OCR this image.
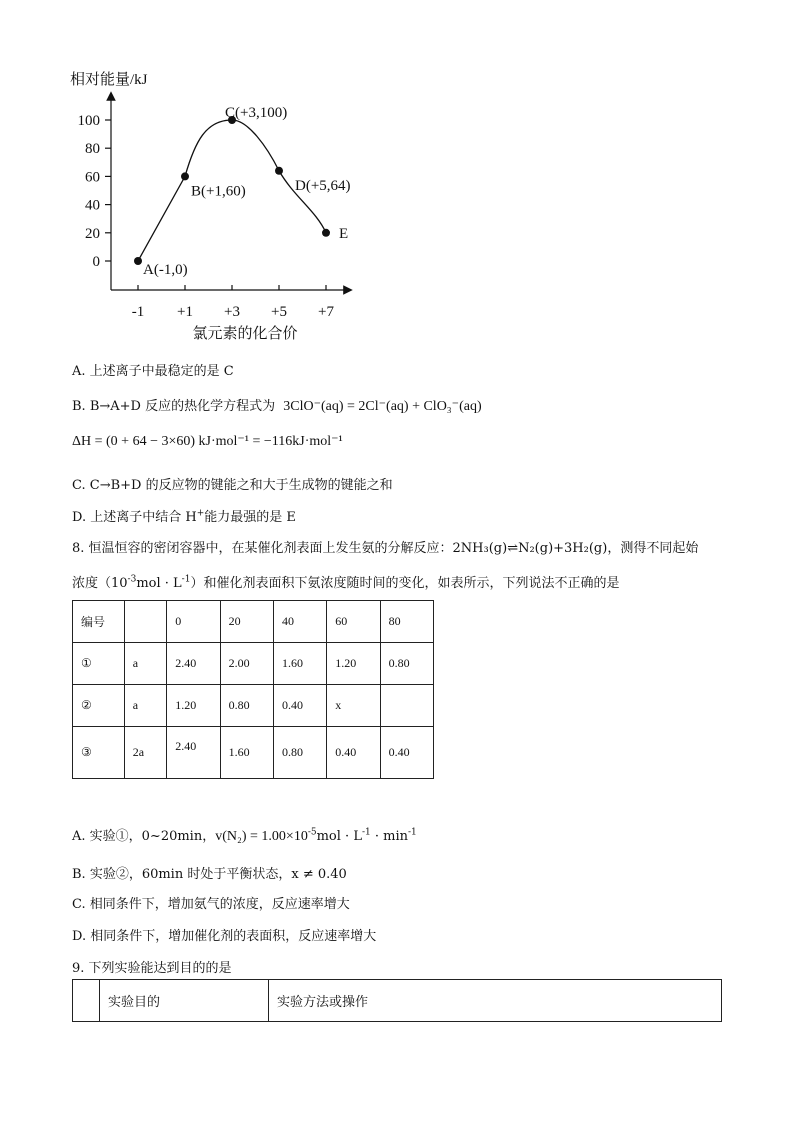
相对能量/kJ
0
20
40
60
80
100
-1 +1 +3 +5 +7
A(-1,0)
B(+1,60)
C(+3,100)
D(+5,64)
E
氯元素的化合价
A. 上述离子中最稳定的是 C
B. B→A+D 反应的热化学方程式为 3ClO⁻(aq) = 2Cl⁻(aq) + ClO₃⁻(aq)
ΔH = (0 + 64 − 3×60) kJ·mol⁻¹ = −116kJ·mol⁻¹
C. C→B+D 的反应物的键能之和大于生成物的键能之和
D. 上述离子中结合 H+能力最强的是 E
8. 恒温恒容的密闭容器中，在某催化剂表面上发生氨的分解反应：2NH₃(g)⇌N₂(g)+3H₂(g)，测得不同起始
浓度$(10^{-3}mol \cdot L^{-1})$和催化剂表面积下氨浓度随时间的变化，如表所示，下列说法不正确的是
编号		0	20	40	60	80
①	a	2.40	2.00	1.60	1.20	0.80
②	a	1.20	0.80	0.40	x	
③	2a	2.40	1.60	0.80	0.40	0.40
A. 实验①，0~20min，$v(N_2) = 1.00\times 10^{-5}mol \cdot L^{-1} \cdot \min^{-1}$
B. 实验②，60min 时处于平衡状态，x ≠ 0.40
C. 相同条件下，增加氨气的浓度，反应速率增大
D. 相同条件下，增加催化剂的表面积，反应速率增大
9. 下列实验能达到目的的是
	实验目的	实验方法或操作
